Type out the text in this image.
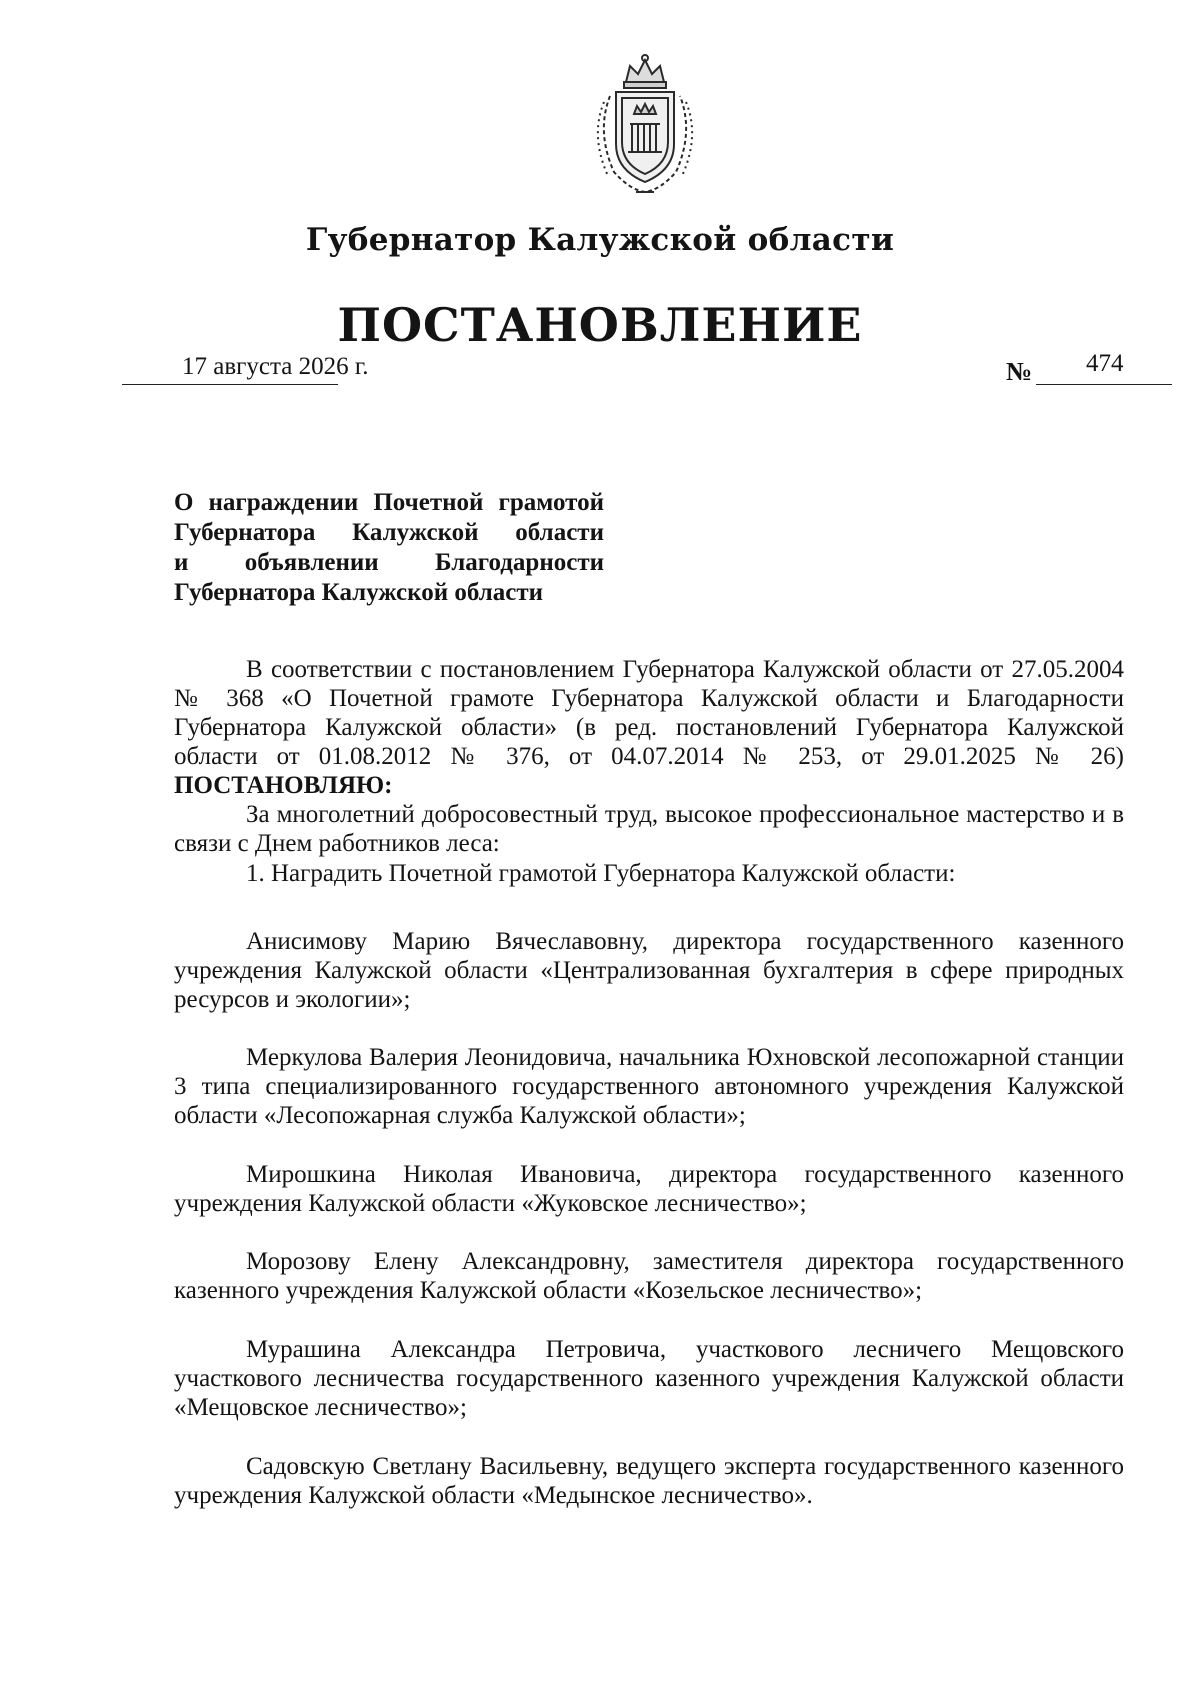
Губернатор Калужской области
ПОСТАНОВЛЕНИЕ
17 августа 2026 г.	№ 474
О награждении Почетной грамотой
Губернатора Калужской области
и объявлении Благодарности
Губернатора Калужской области
В соответствии с постановлением Губернатора Калужской области от 27.05.2004 № 368 «О Почетной грамоте Губернатора Калужской области и Благодарности Губернатора Калужской области» (в ред. постановлений Губернатора Калужской области от 01.08.2012 № 376, от 04.07.2014 № 253, от 29.01.2025 № 26) ПОСТАНОВЛЯЮ:
За многолетний добросовестный труд, высокое профессиональное мастерство и в связи с Днем работников леса:
1. Наградить Почетной грамотой Губернатора Калужской области:
Анисимову Марию Вячеславовну, директора государственного казенного учреждения Калужской области «Централизованная бухгалтерия в сфере природных ресурсов и экологии»;
Меркулова Валерия Леонидовича, начальника Юхновской лесопожарной станции 3 типа специализированного государственного автономного учреждения Калужской области «Лесопожарная служба Калужской области»;
Мирошкина Николая Ивановича, директора государственного казенного учреждения Калужской области «Жуковское лесничество»;
Морозову Елену Александровну, заместителя директора государственного казенного учреждения Калужской области «Козельское лесничество»;
Мурашина Александра Петровича, участкового лесничего Мещовского участкового лесничества государственного казенного учреждения Калужской области «Мещовское лесничество»;
Садовскую Светлану Васильевну, ведущего эксперта государственного казенного учреждения Калужской области «Медынское лесничество».
